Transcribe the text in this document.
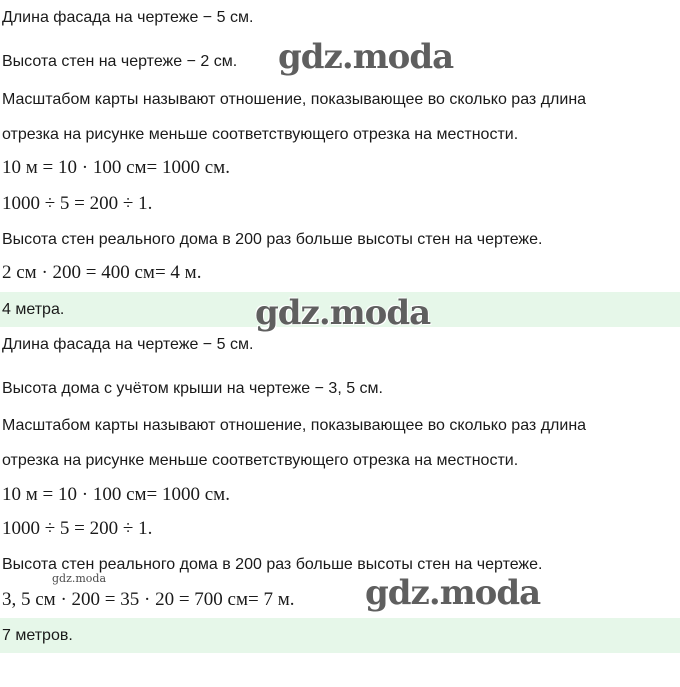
Длина фасада на чертеже − 5 см.
Высота стен на чертеже − 2 см.
Масштабом карты называют отношение, показывающее во сколько раз длина
отрезка на рисунке меньше соответствующего отрезка на местности.
10 м = 10 · 100 см= 1000 см.
1000 ÷ 5 = 200 ÷ 1.
Высота стен реального дома в 200 раз больше высоты стен на чертеже.
2 см · 200 = 400 см= 4 м.
4 метра.
Длина фасада на чертеже − 5 см.
Высота дома с учётом крыши на чертеже − 3, 5 см.
Масштабом карты называют отношение, показывающее во сколько раз длина
отрезка на рисунке меньше соответствующего отрезка на местности.
10 м = 10 · 100 см= 1000 см.
1000 ÷ 5 = 200 ÷ 1.
Высота стен реального дома в 200 раз больше высоты стен на чертеже.
3, 5 см · 200 = 35 · 20 = 700 см= 7 м.
7 метров.
gdz.moda
gdz.moda
gdz.moda
gdz.moda
